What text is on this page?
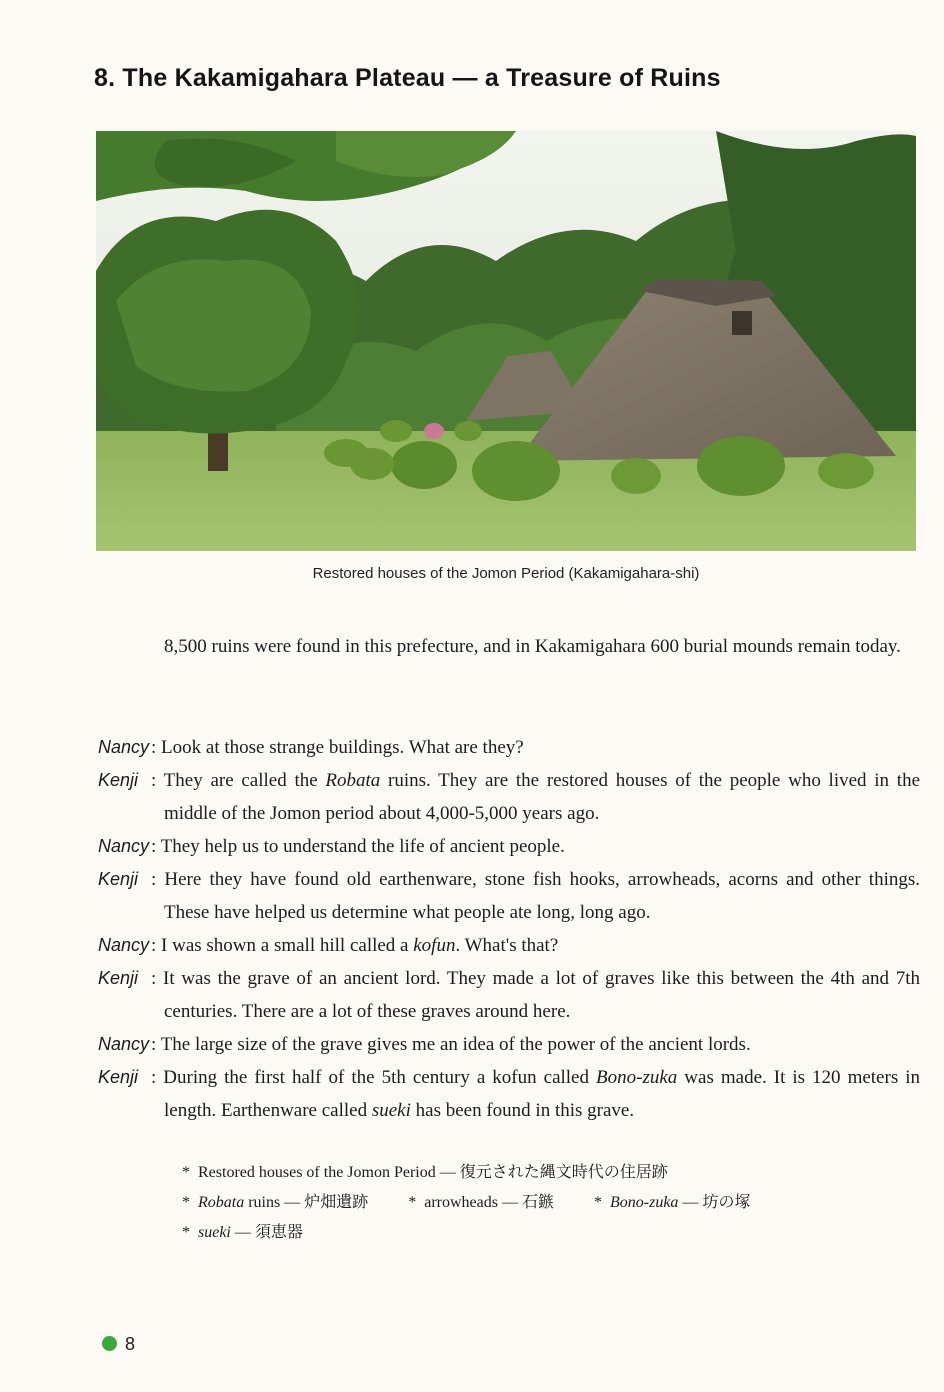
8. The Kakamigahara Plateau — a Treasure of Ruins
Restored houses of the Jomon Period (Kakamigahara-shi)

8,500 ruins were found in this prefecture, and in Kakamigahara 600 burial mounds remain today.

Nancy : Look at those strange buildings. What are they?
Kenji : They are called the Robata ruins. They are the restored houses of the people who lived in the middle of the Jomon period about 4,000-5,000 years ago.
Nancy : They help us to understand the life of ancient people.
Kenji : Here they have found old earthenware, stone fish hooks, arrowheads, acorns and other things. These have helped us determine what people ate long, long ago.
Nancy : I was shown a small hill called a kofun. What's that?
Kenji : It was the grave of an ancient lord. They made a lot of graves like this between the 4th and 7th centuries. There are a lot of these graves around here.
Nancy : The large size of the grave gives me an idea of the power of the ancient lords.
Kenji : During the first half of the 5th century a kofun called Bono-zuka was made. It is 120 meters in length. Earthenware called sueki has been found in this grave.
* Restored houses of the Jomon Period — 復元された縄文時代の住居跡
* Robata ruins — 炉畑遺跡	* arrowheads — 石鏃	* Bono-zuka — 坊の塚
* sueki — 須恵器
8
